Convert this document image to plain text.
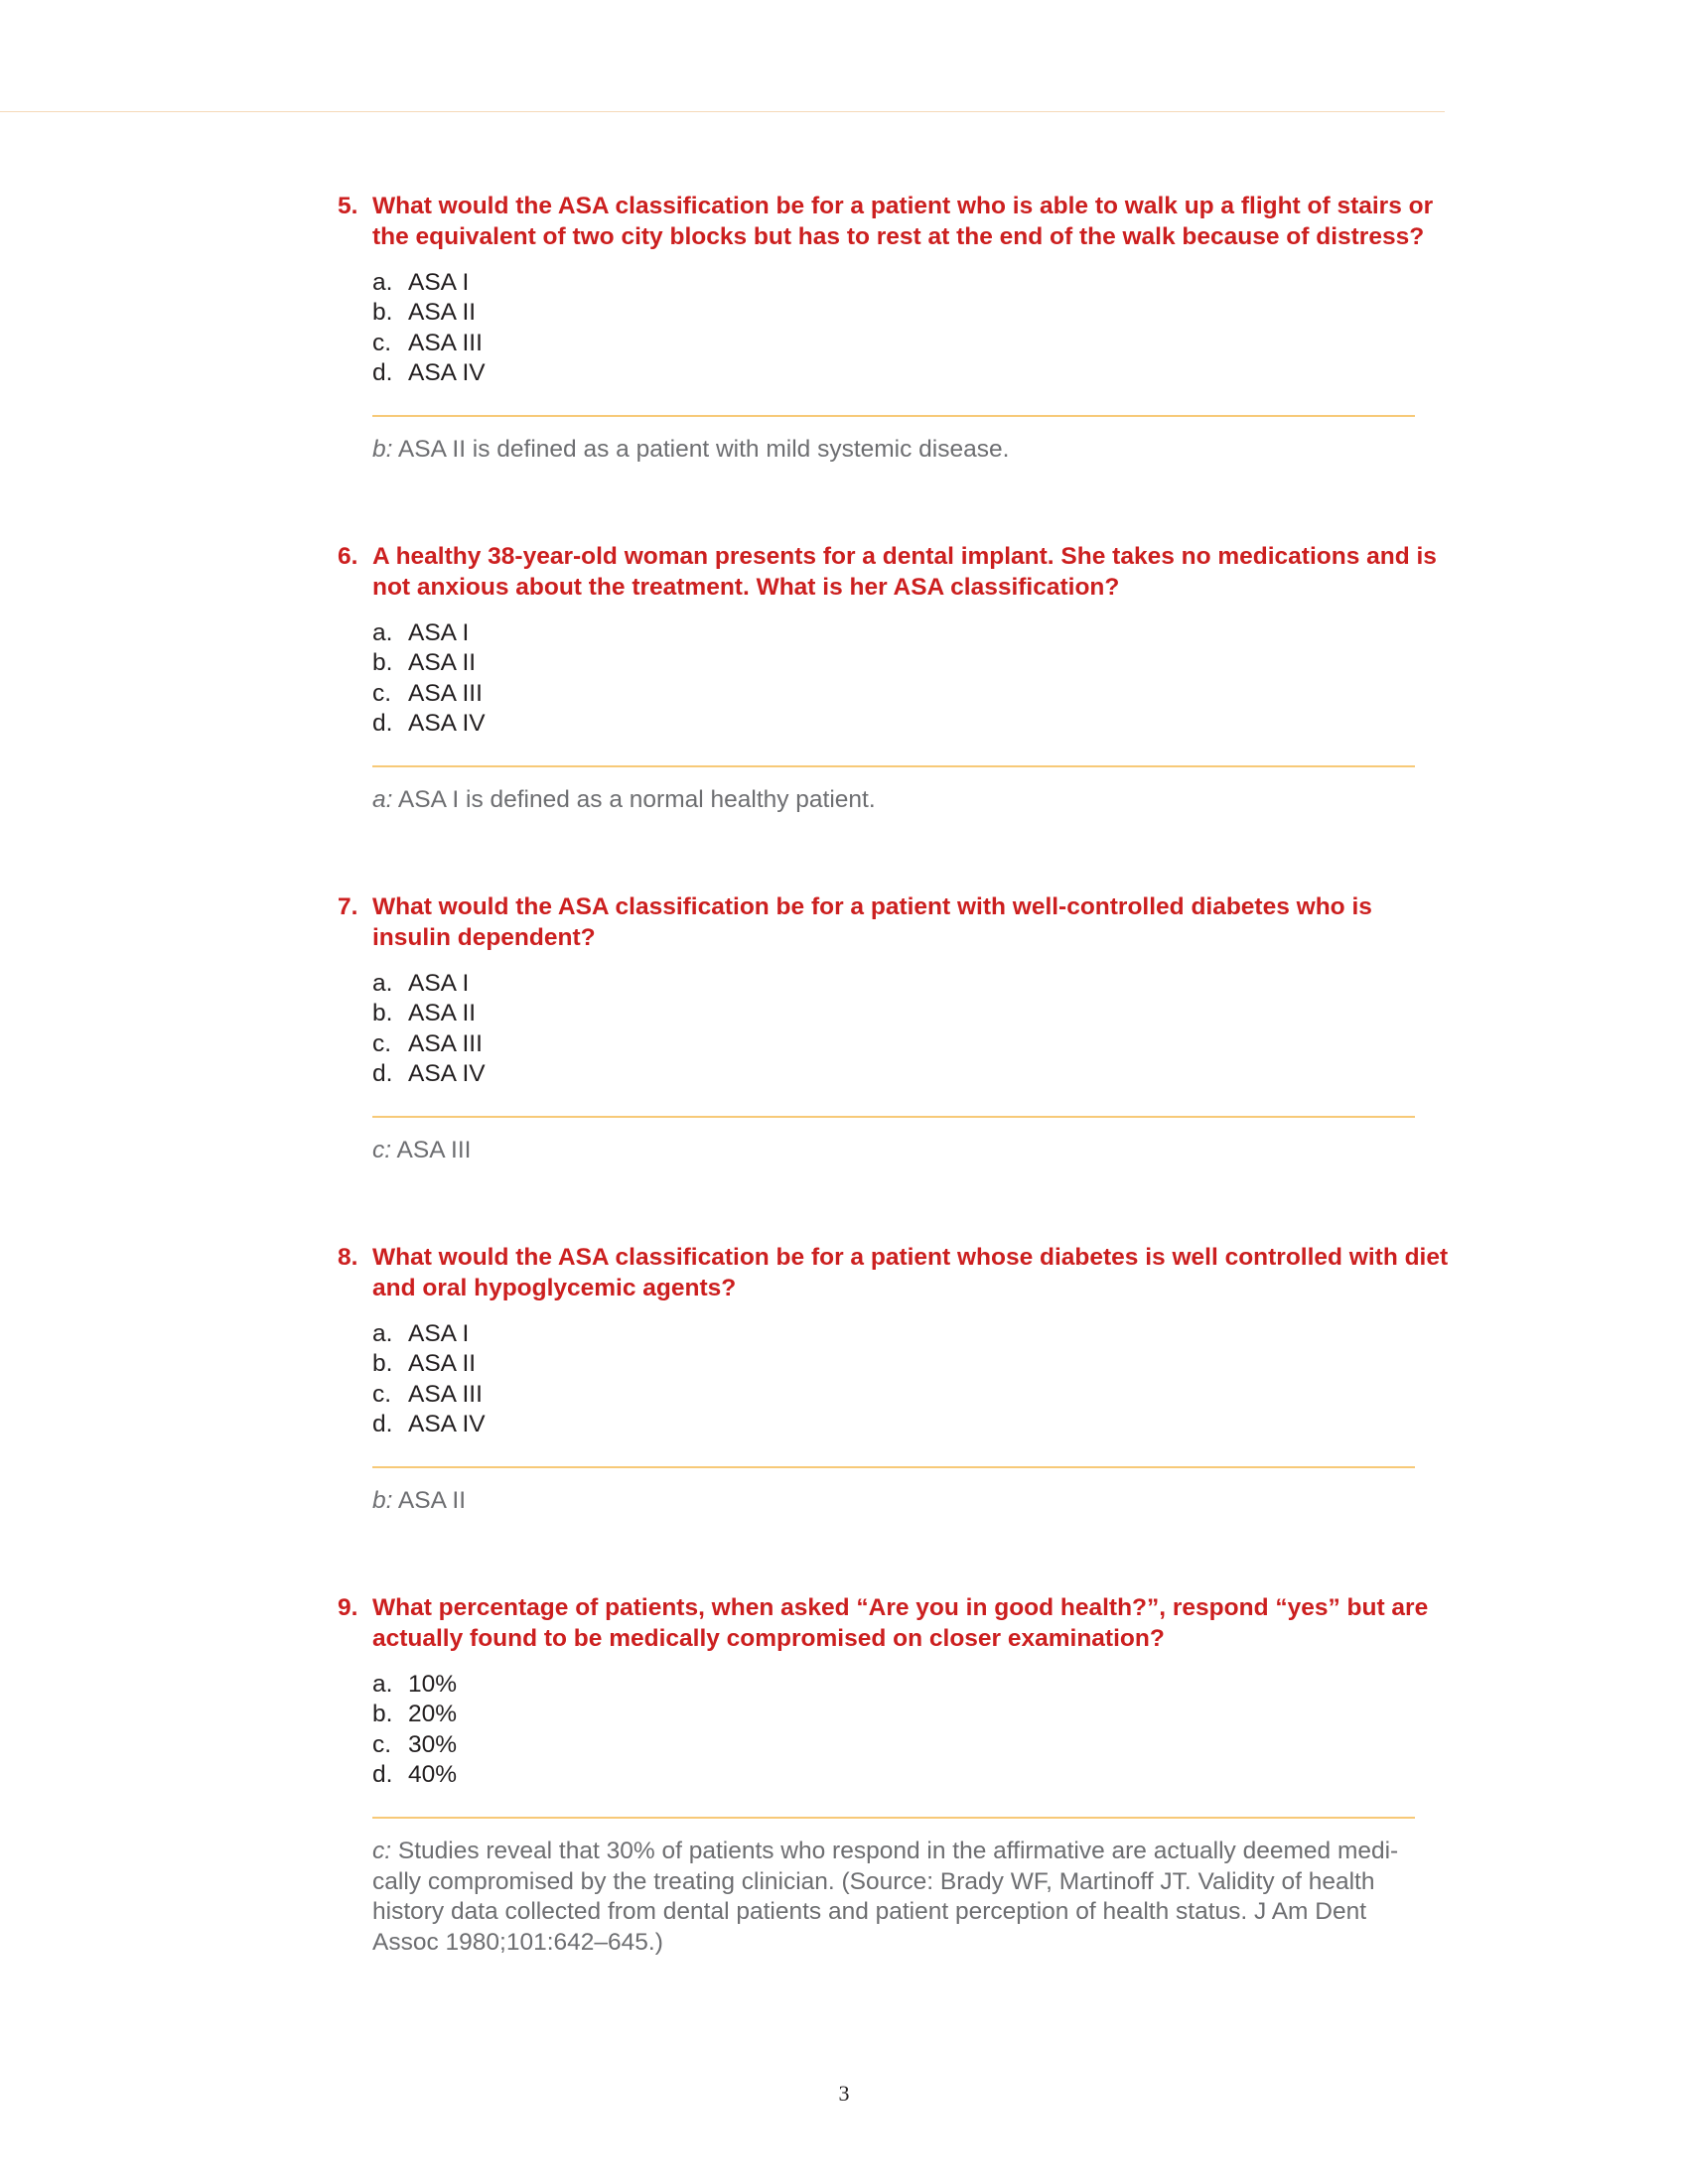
5. What would the ASA classification be for a patient who is able to walk up a flight of stairs or the equivalent of two city blocks but has to rest at the end of the walk because of distress?
a. ASA I
b. ASA II
c. ASA III
d. ASA IV
b: ASA II is defined as a patient with mild systemic disease.
6. A healthy 38-year-old woman presents for a dental implant. She takes no medications and is not anxious about the treatment. What is her ASA classification?
a. ASA I
b. ASA II
c. ASA III
d. ASA IV
a: ASA I is defined as a normal healthy patient.
7. What would the ASA classification be for a patient with well-controlled diabetes who is insulin dependent?
a. ASA I
b. ASA II
c. ASA III
d. ASA IV
c: ASA III
8. What would the ASA classification be for a patient whose diabetes is well controlled with diet and oral hypoglycemic agents?
a. ASA I
b. ASA II
c. ASA III
d. ASA IV
b: ASA II
9. What percentage of patients, when asked “Are you in good health?”, respond “yes” but are actually found to be medically compromised on closer examination?
a. 10%
b. 20%
c. 30%
d. 40%
c: Studies reveal that 30% of patients who respond in the affirmative are actually deemed medi-cally compromised by the treating clinician. (Source: Brady WF, Martinoff JT. Validity of health history data collected from dental patients and patient perception of health status. J Am Dent Assoc 1980;101:642–645.)
3
